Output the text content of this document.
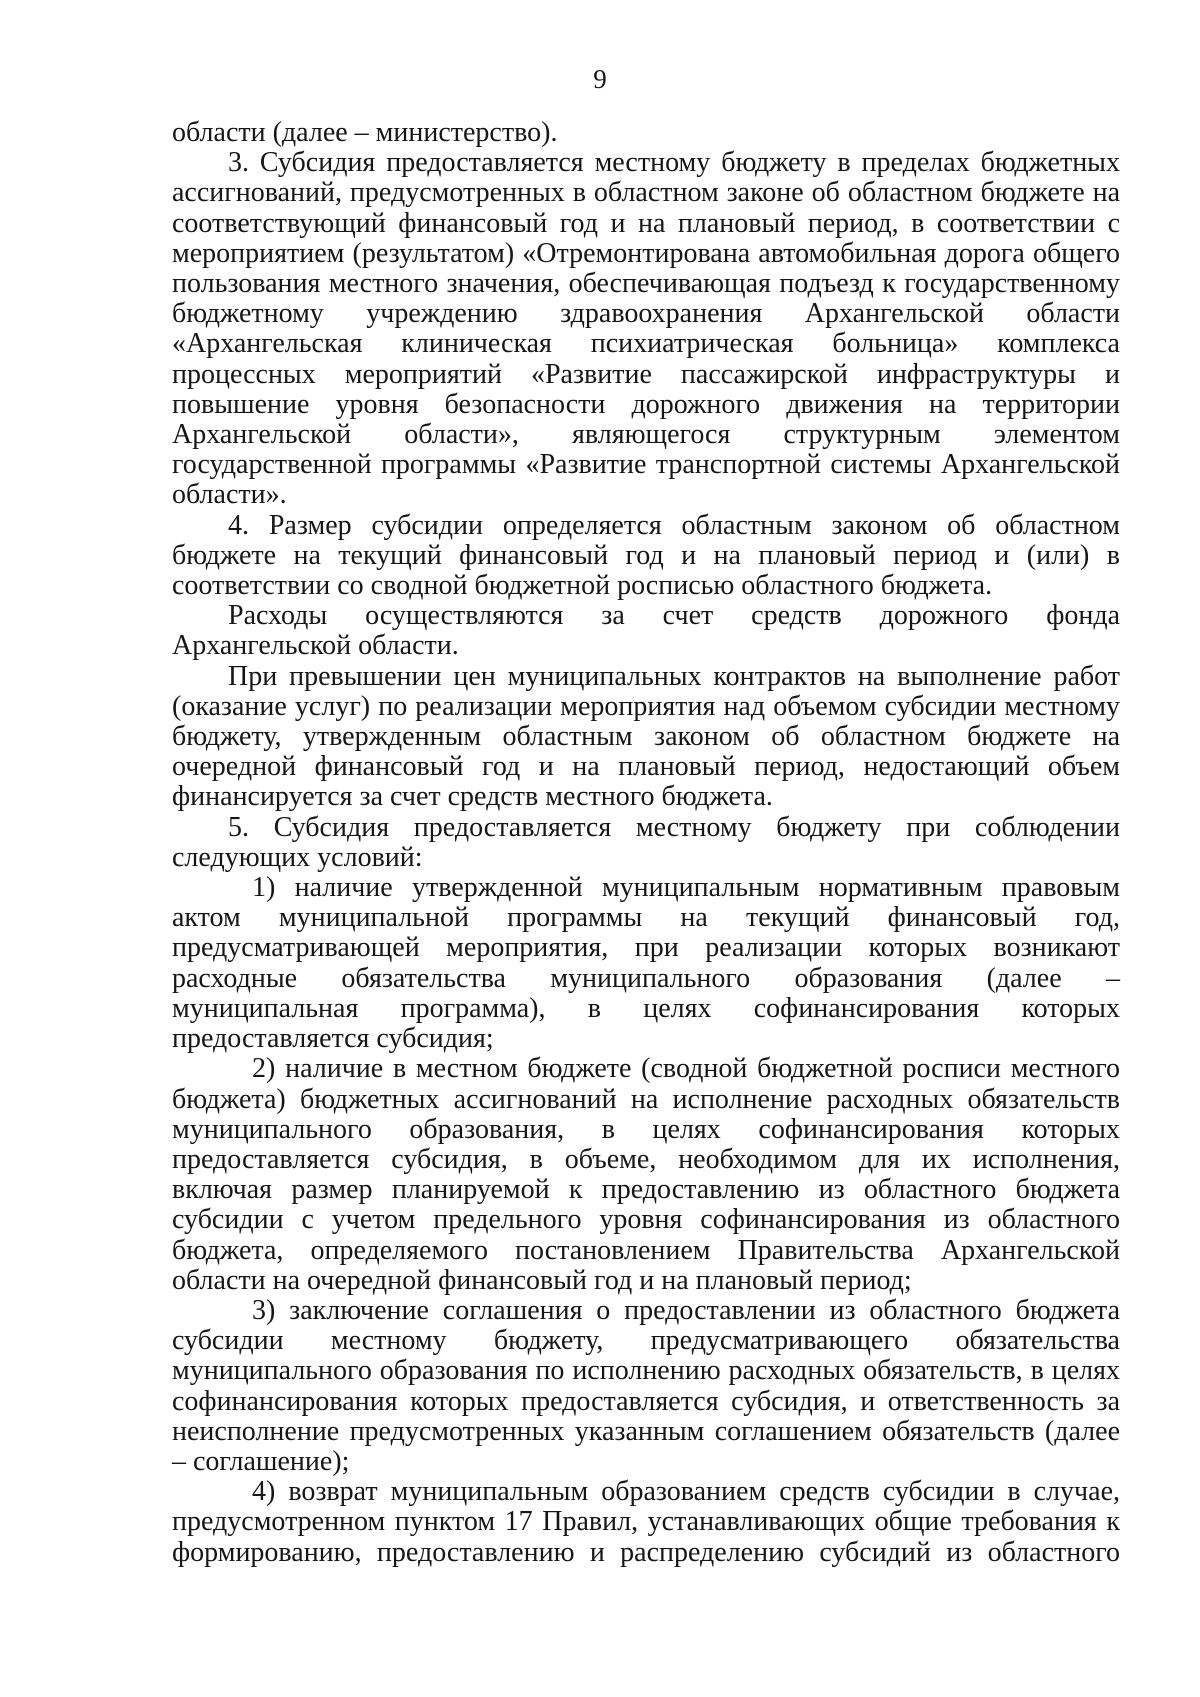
9

области (далее – министерство).

3. Субсидия предоставляется местному бюджету в пределах бюджетных ассигнований, предусмотренных в областном законе об областном бюджете на соответствующий финансовый год и на плановый период, в соответствии с мероприятием (результатом) «Отремонтирована автомобильная дорога общего пользования местного значения, обеспечивающая подъезд к государственному бюджетному учреждению здравоохранения Архангельской области «Архангельская клиническая психиатрическая больница» комплекса процессных мероприятий «Развитие пассажирской инфраструктуры и повышение уровня безопасности дорожного движения на территории Архангельской области», являющегося структурным элементом государственной программы «Развитие транспортной системы Архангельской области».

4. Размер субсидии определяется областным законом об областном бюджете на текущий финансовый год и на плановый период и (или) в соответствии со сводной бюджетной росписью областного бюджета.

Расходы осуществляются за счет средств дорожного фонда Архангельской области.

При превышении цен муниципальных контрактов на выполнение работ (оказание услуг) по реализации мероприятия над объемом субсидии местному бюджету, утвержденным областным законом об областном бюджете на очередной финансовый год и на плановый период, недостающий объем финансируется за счет средств местного бюджета.

5. Субсидия предоставляется местному бюджету при соблюдении следующих условий:

1) наличие утвержденной муниципальным нормативным правовым актом муниципальной программы на текущий финансовый год, предусматривающей мероприятия, при реализации которых возникают расходные обязательства муниципального образования (далее – муниципальная программа), в целях софинансирования которых предоставляется субсидия;

2) наличие в местном бюджете (сводной бюджетной росписи местного бюджета) бюджетных ассигнований на исполнение расходных обязательств муниципального образования, в целях софинансирования которых предоставляется субсидия, в объеме, необходимом для их исполнения, включая размер планируемой к предоставлению из областного бюджета субсидии с учетом предельного уровня софинансирования из областного бюджета, определяемого постановлением Правительства Архангельской области на очередной финансовый год и на плановый период;

3) заключение соглашения о предоставлении из областного бюджета субсидии местному бюджету, предусматривающего обязательства муниципального образования по исполнению расходных обязательств, в целях софинансирования которых предоставляется субсидия, и ответственность за неисполнение предусмотренных указанным соглашением обязательств (далее – соглашение);

4) возврат муниципальным образованием средств субсидии в случае, предусмотренном пунктом 17 Правил, устанавливающих общие требования к формированию, предоставлению и распределению субсидий из областного
